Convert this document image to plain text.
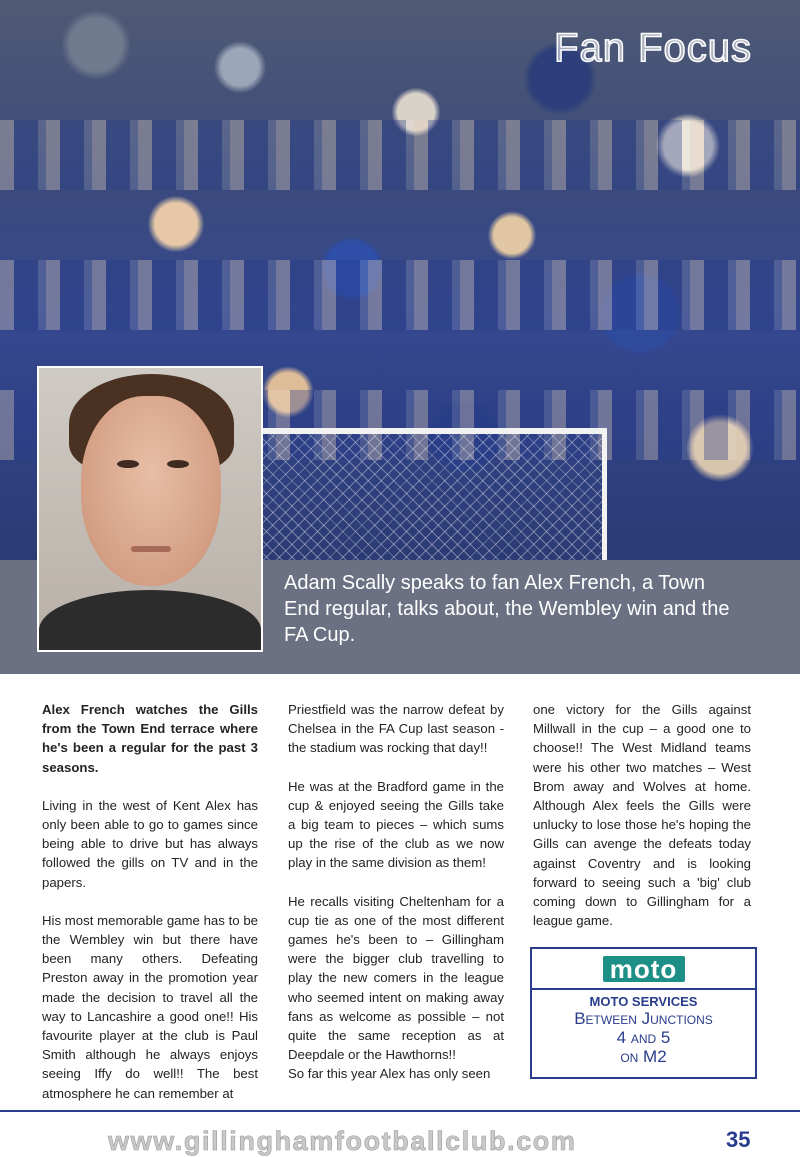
Fan Focus

Adam Scally speaks to fan Alex French, a Town End regular, talks about, the Wembley win and the FA Cup.

Alex French watches the Gills from the Town End terrace where he's been a regular for the past 3 seasons.

Living in the west of Kent Alex has only been able to go to games since being able to drive but has always followed the gills on TV and in the papers.

His most memorable game has to be the Wembley win but there have been many others. Defeating Preston away in the promotion year made the decision to travel all the way to Lancashire a good one!! His favourite player at the club is Paul Smith although he always enjoys seeing Iffy do well!! The best atmosphere he can remember at

Priestfield was the narrow defeat by Chelsea in the FA Cup last season - the stadium was rocking that day!!

He was at the Bradford game in the cup & enjoyed seeing the Gills take a big team to pieces – which sums up the rise of the club as we now play in the same division as them!

He recalls visiting Cheltenham for a cup tie as one of the most different games he's been to – Gillingham were the bigger club travelling to play the new comers in the league who seemed intent on making away fans as welcome as possible – not quite the same reception as at Deepdale or the Hawthorns!!

So far this year Alex has only seen

one victory for the Gills against Millwall in the cup – a good one to choose!! The West Midland teams were his other two matches – West Brom away and Wolves at home. Although Alex feels the Gills were unlucky to lose those he's hoping the Gills can avenge the defeats today against Coventry and is looking forward to seeing such a 'big' club coming down to Gillingham for a league game.

moto
MOTO SERVICES
Between Junctions
4 and 5
on M2
www.gillinghamfootballclub.com	35
